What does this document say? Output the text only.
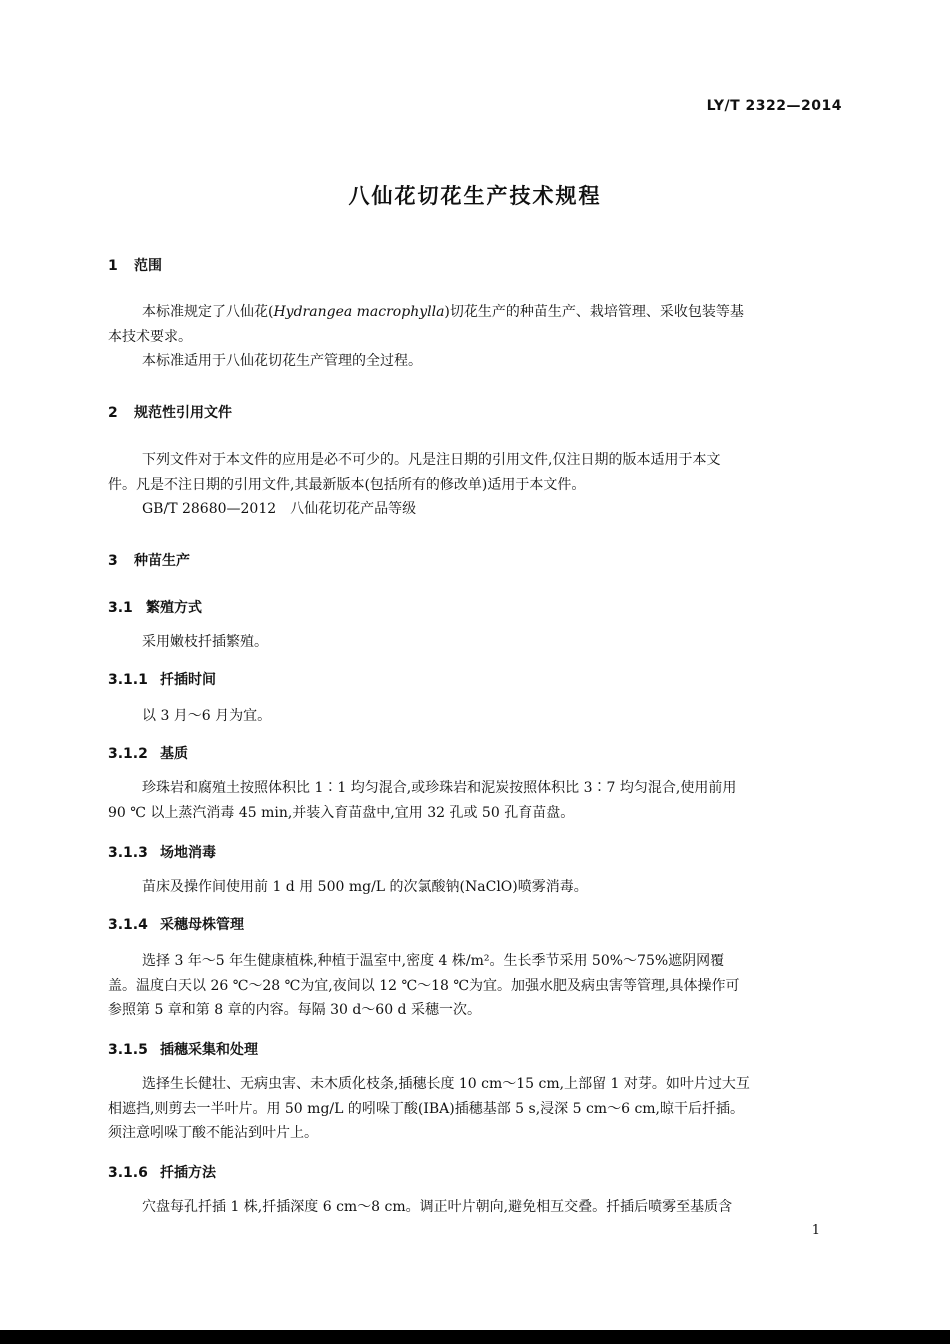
LY/T 2322—2014
八仙花切花生产技术规程
1 范围
本标准规定了八仙花(Hydrangea macrophylla)切花生产的种苗生产、栽培管理、采收包装等基
本技术要求。
本标准适用于八仙花切花生产管理的全过程。
2 规范性引用文件
下列文件对于本文件的应用是必不可少的。凡是注日期的引用文件,仅注日期的版本适用于本文
件。凡是不注日期的引用文件,其最新版本(包括所有的修改单)适用于本文件。
GB/T 28680—2012　八仙花切花产品等级
3 种苗生产
3.1 繁殖方式
采用嫩枝扦插繁殖。
3.1.1 扦插时间
以 3 月～6 月为宜。
3.1.2 基质
珍珠岩和腐殖土按照体积比 1∶1 均匀混合,或珍珠岩和泥炭按照体积比 3∶7 均匀混合,使用前用
90 ℃ 以上蒸汽消毒 45 min,并装入育苗盘中,宜用 32 孔或 50 孔育苗盘。
3.1.3 场地消毒
苗床及操作间使用前 1 d 用 500 mg/L 的次氯酸钠(NaClO)喷雾消毒。
3.1.4 采穗母株管理
选择 3 年～5 年生健康植株,种植于温室中,密度 4 株/m²。生长季节采用 50%～75%遮阴网覆
盖。温度白天以 26 ℃～28 ℃为宜,夜间以 12 ℃～18 ℃为宜。加强水肥及病虫害等管理,具体操作可
参照第 5 章和第 8 章的内容。每隔 30 d～60 d 采穗一次。
3.1.5 插穗采集和处理
选择生长健壮、无病虫害、未木质化枝条,插穗长度 10 cm～15 cm,上部留 1 对芽。如叶片过大互
相遮挡,则剪去一半叶片。用 50 mg/L 的吲哚丁酸(IBA)插穗基部 5 s,浸深 5 cm～6 cm,晾干后扦插。
须注意吲哚丁酸不能沾到叶片上。
3.1.6 扦插方法
穴盘每孔扦插 1 株,扦插深度 6 cm～8 cm。调正叶片朝向,避免相互交叠。扦插后喷雾至基质含
1
